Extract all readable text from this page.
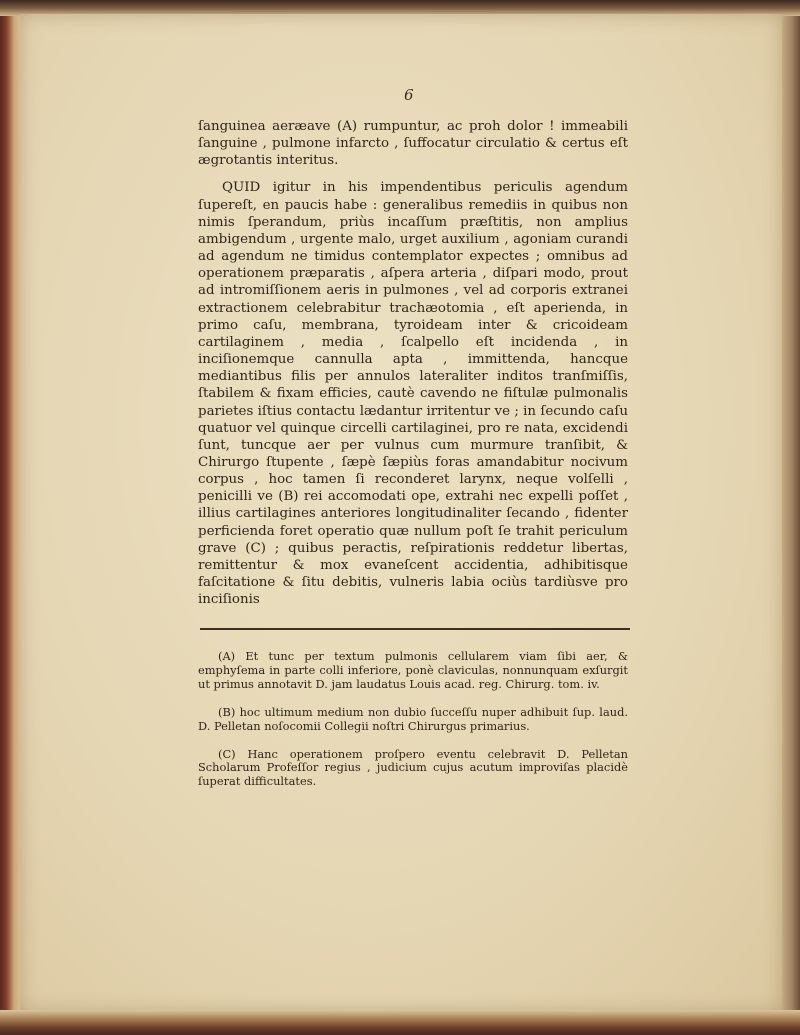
6

ſanguinea aeræave (A) rumpuntur, ac proh dolor ! immeabili ſanguine , pulmone infarcto , ſuffocatur circulatio & certus eſt ægrotantis interitus.

QUID igitur in his impendentibus periculis agendum ſupereſt, en paucis habe : generalibus remediis in quibus non nimis ſperandum, priùs incaſſum præſtitis, non amplius ambigendum , urgente malo, urget auxilium , agoniam curandi ad agendum ne timidus contemplator expectes ; omnibus ad operationem præparatis , aſpera arteria , diſpari modo, prout ad intromiſſionem aeris in pulmones , vel ad corporis extranei extractionem celebrabitur trachæotomia , eſt aperienda, in primo caſu, membrana, tyroideam inter & cricoideam cartilaginem , media , ſcalpello eſt incidenda , in inciſionemque cannulla apta , immittenda, hancque mediantibus filis per annulos lateraliter inditos tranſmiſſis, ſtabilem & fixam efficies, cautè cavendo ne fiſtulæ pulmonalis parietes iſtius contactu lædantur irritentur ve ; in ſecundo caſu quatuor vel quinque circelli cartilaginei, pro re nata, excidendi ſunt, tuncque aer per vulnus cum murmure tranſibit, & Chirurgo ſtupente , ſæpè ſæpiùs foras amandabitur nocivum corpus , hoc tamen ſi reconderet larynx, neque volſelli , penicilli ve (B) rei accomodati ope, extrahi nec expelli poſſet , illius cartilagines anteriores longitudinaliter ſecando , fidenter perficienda foret operatio quæ nullum poſt ſe trahit periculum grave (C) ; quibus peractis, reſpirationis reddetur libertas, remittentur & mox evaneſcent accidentia, adhibitisque faſcitatione & ſitu debitis, vulneris labia ociùs tardiùsve pro inciſionis

(A) Et tunc per textum pulmonis cellularem viam ſibi aer, & emphyſema in parte colli inferiore, ponè claviculas, nonnunquam exſurgit ut primus annotavit D. jam laudatus Louis acad. reg. Chirurg. tom. iv.

(B) hoc ultimum medium non dubio ſucceſſu nuper adhibuit ſup. laud. D. Pelletan noſocomii Collegii noſtri Chirurgus primarius.

(C) Hanc operationem proſpero eventu celebravit D. Pelletan Scholarum Profeſſor regius , judicium cujus acutum improviſas placidè ſuperat difficultates.
